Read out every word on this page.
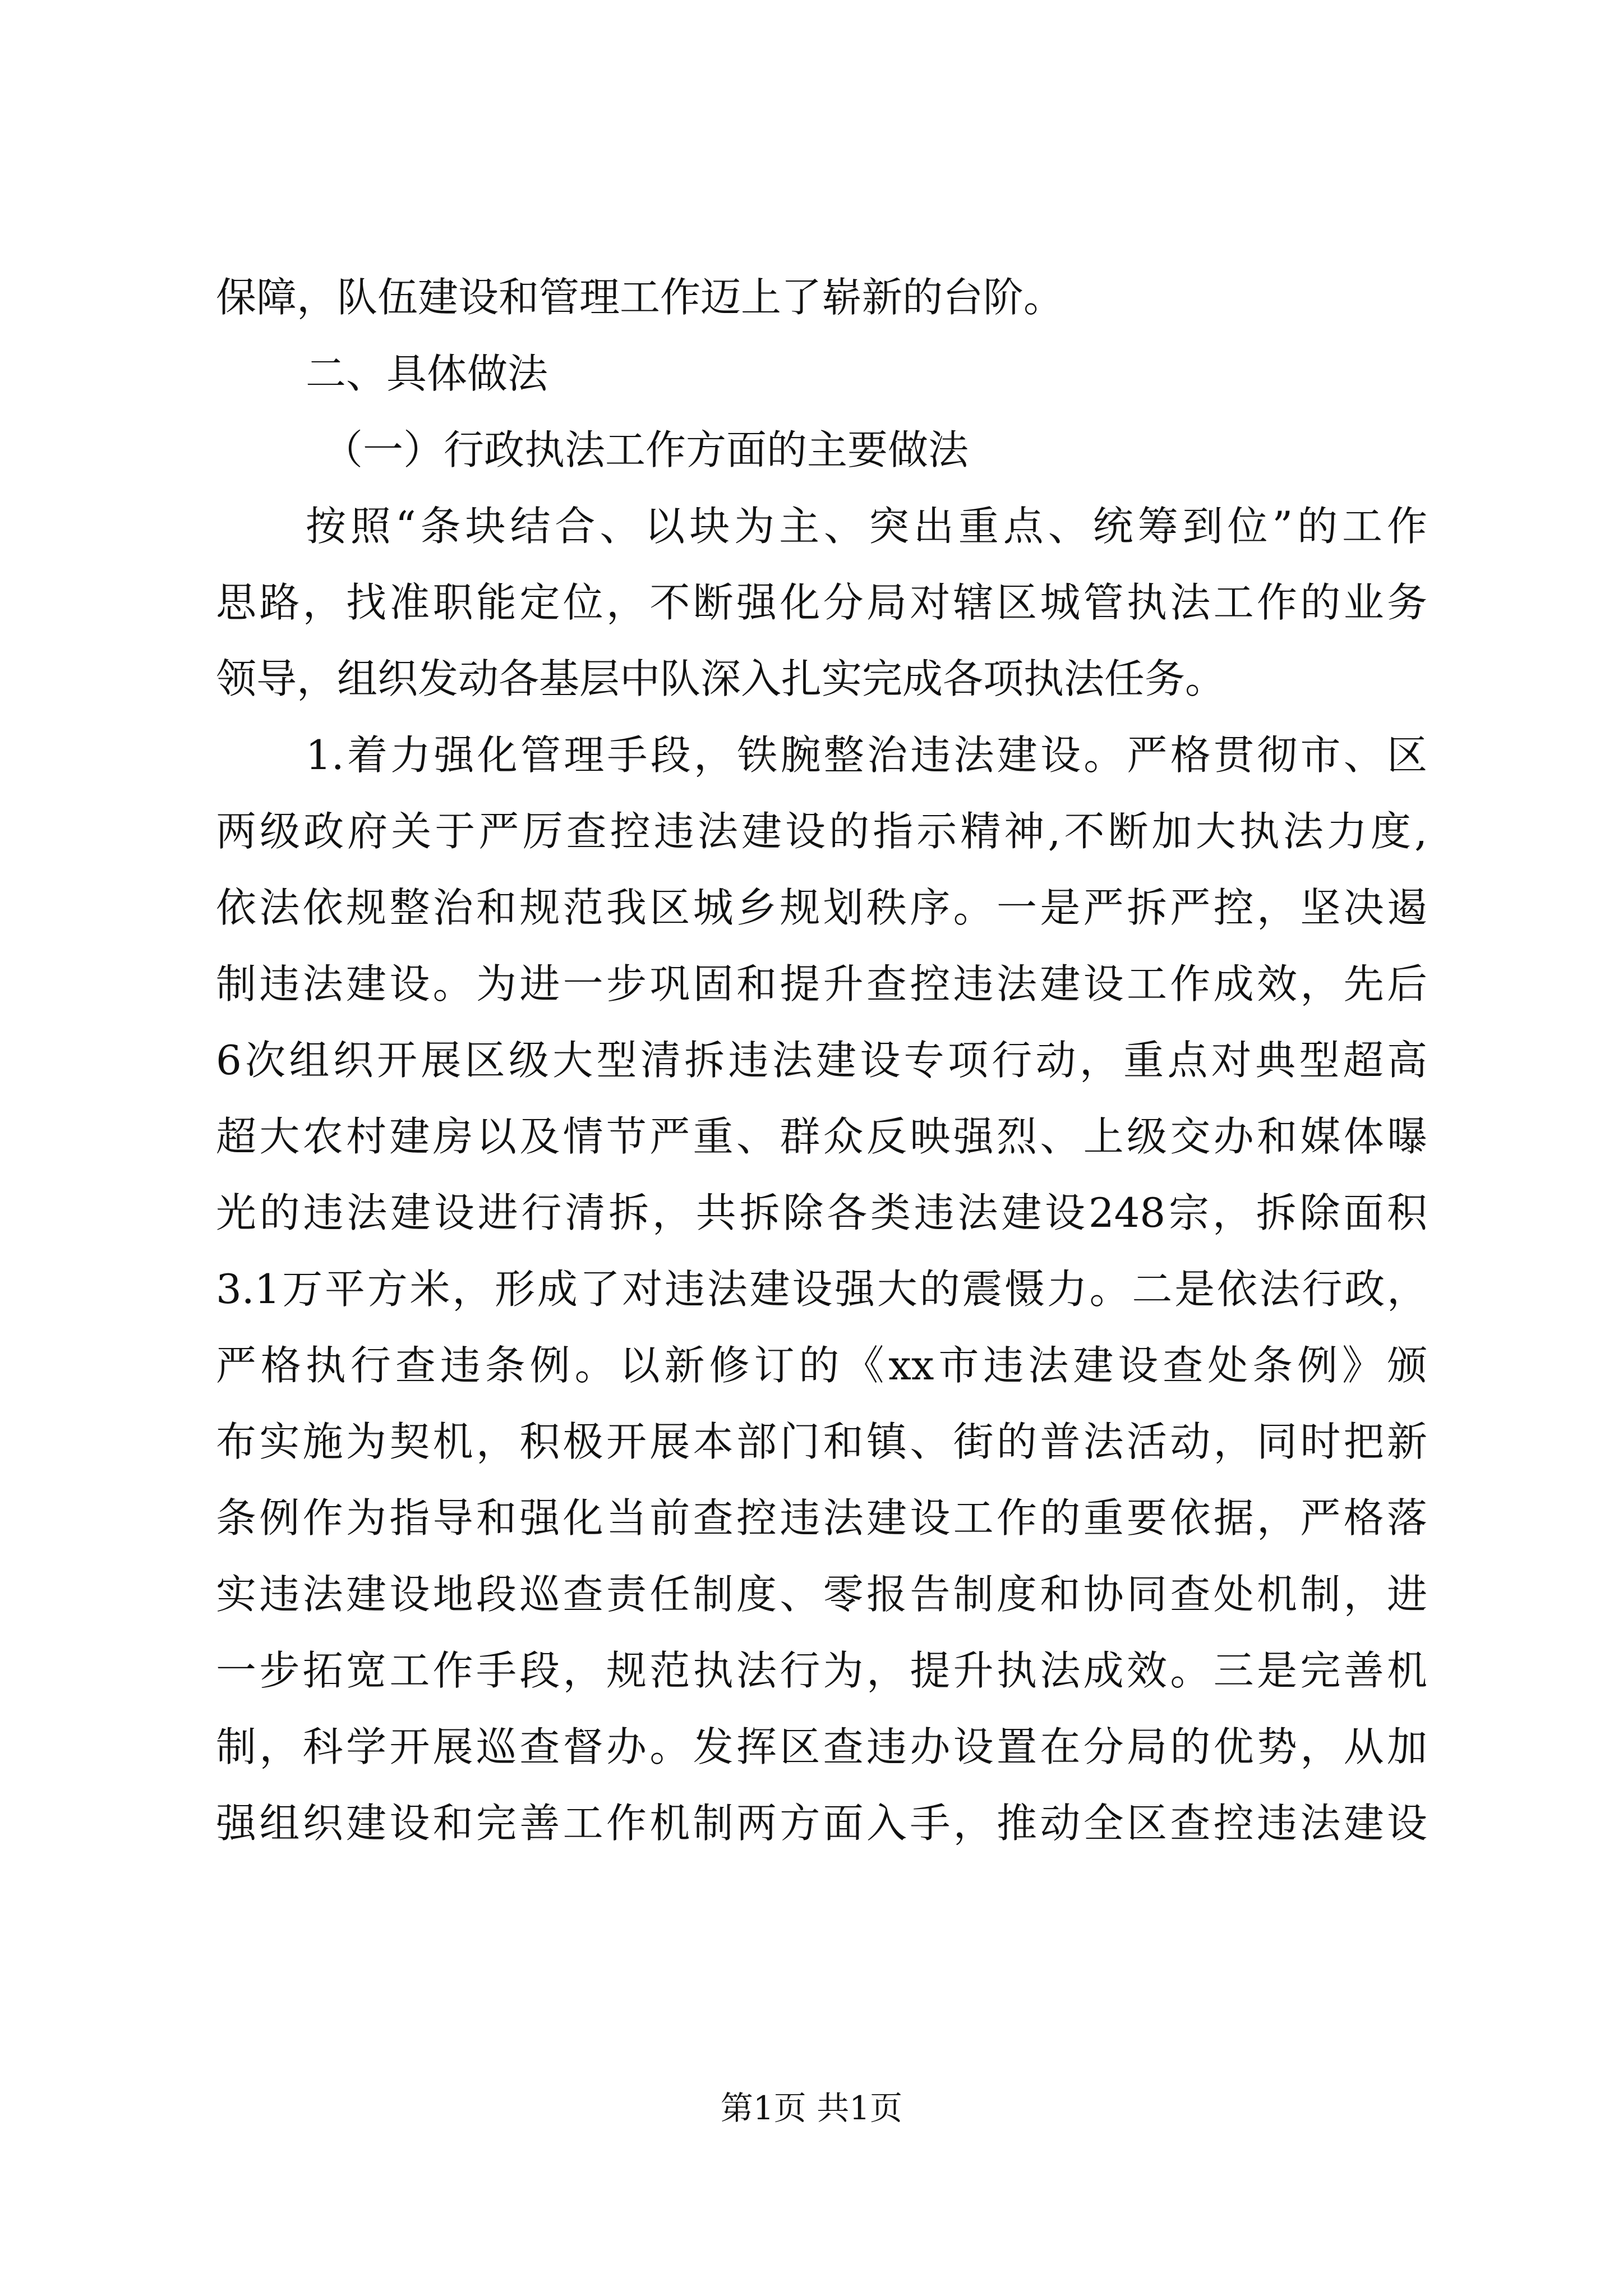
保障，队伍建设和管理工作迈上了崭新的台阶。
二、具体做法
（一）行政执法工作方面的主要做法
按照“条块结合、以块为主、突出重点、统筹到位”的工作
思路，找准职能定位，不断强化分局对辖区城管执法工作的业务
领导，组织发动各基层中队深入扎实完成各项执法任务。
1.着力强化管理手段，铁腕整治违法建设。严格贯彻市、区
两级政府关于严厉查控违法建设的指示精神,不断加大执法力度,
依法依规整治和规范我区城乡规划秩序。一是严拆严控，坚决遏
制违法建设。为进一步巩固和提升查控违法建设工作成效，先后
6次组织开展区级大型清拆违法建设专项行动，重点对典型超高
超大农村建房以及情节严重、群众反映强烈、上级交办和媒体曝
光的违法建设进行清拆，共拆除各类违法建设248宗，拆除面积
3.1万平方米，形成了对违法建设强大的震慑力。二是依法行政，
严格执行查违条例。以新修订的《xx市违法建设查处条例》颁
布实施为契机，积极开展本部门和镇、街的普法活动，同时把新
条例作为指导和强化当前查控违法建设工作的重要依据，严格落
实违法建设地段巡查责任制度、零报告制度和协同查处机制，进
一步拓宽工作手段，规范执法行为，提升执法成效。三是完善机
制，科学开展巡查督办。发挥区查违办设置在分局的优势，从加
强组织建设和完善工作机制两方面入手，推动全区查控违法建设
第1页 共1页
